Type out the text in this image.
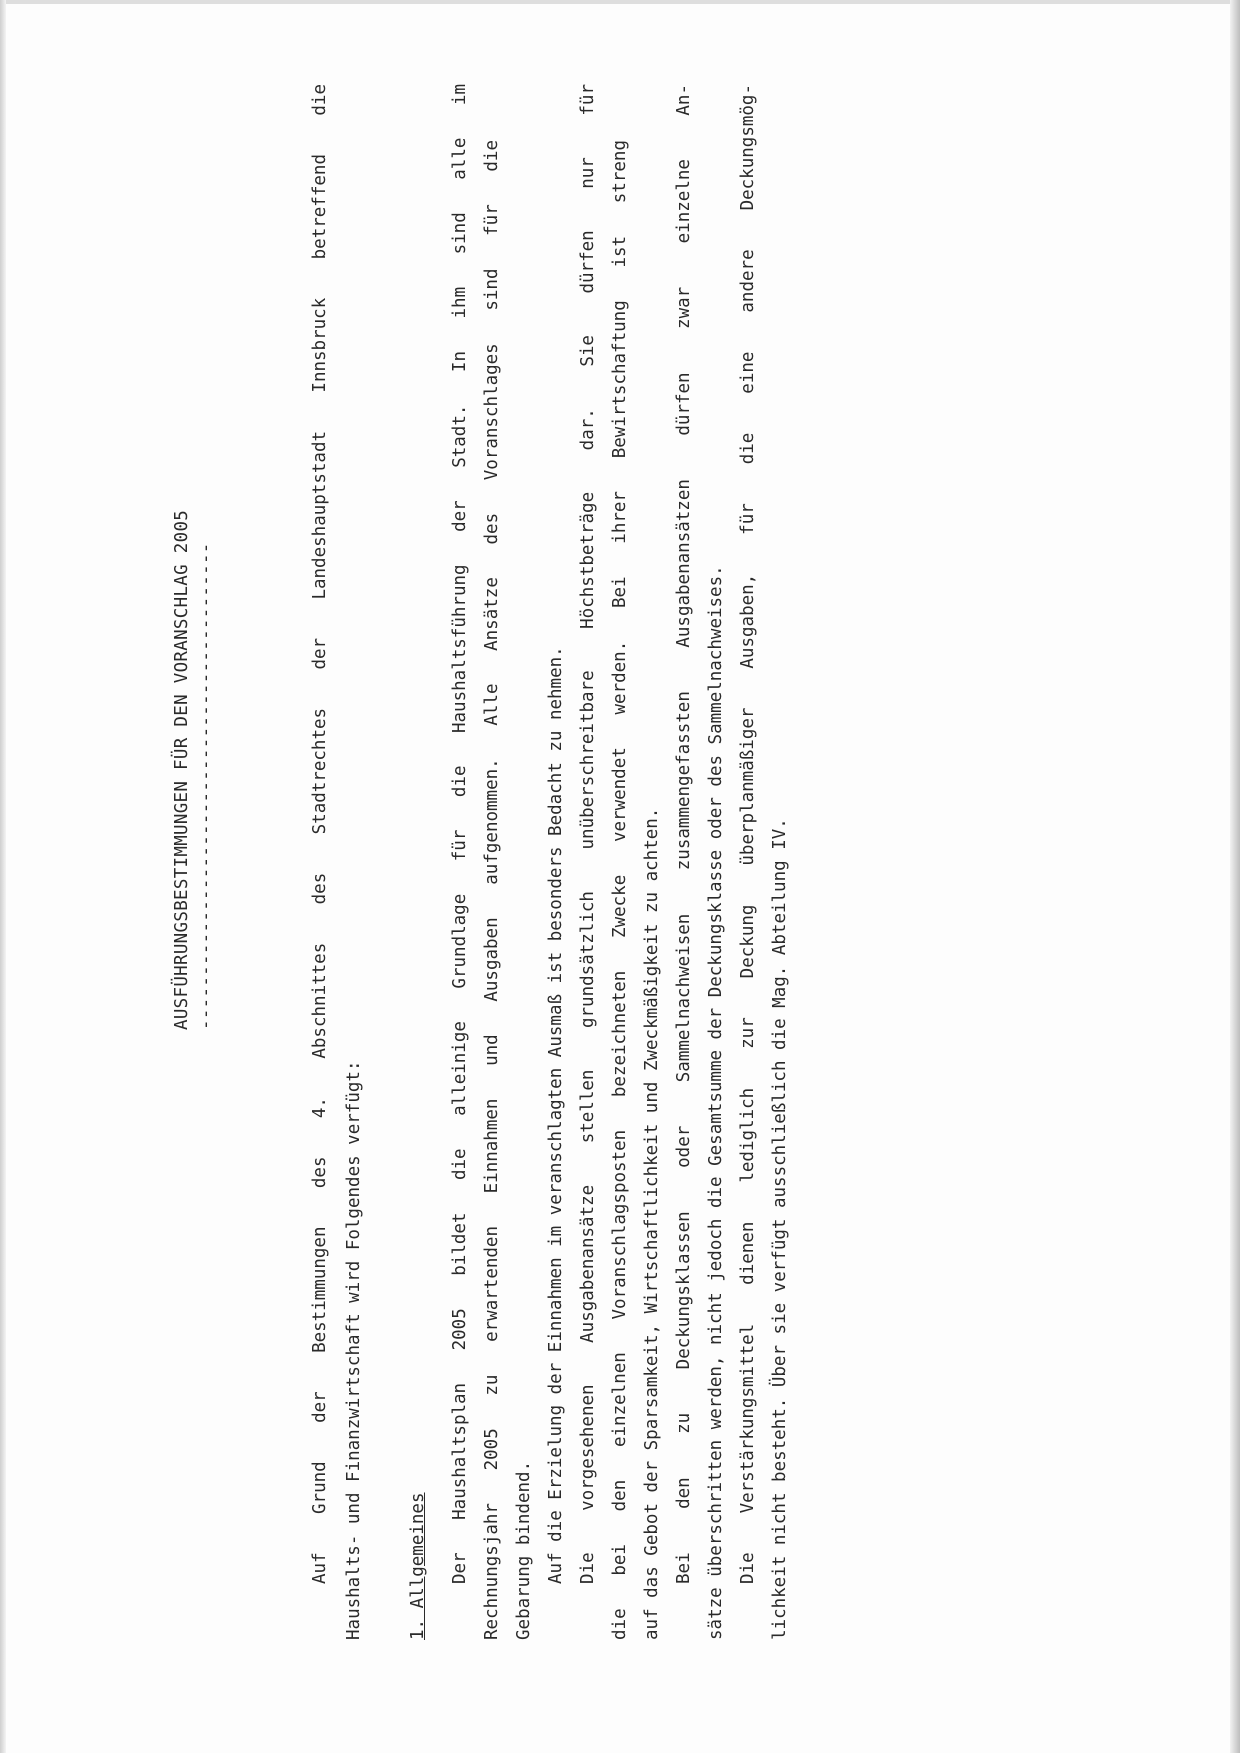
AUSFÜHRUNGSBESTIMMUNGEN FÜR DEN VORANSCHLAG 2005 ---------------------------------------------	Auf Grund der Bestimmungen des 4. Abschnittes des Stadtrechtes der Landeshauptstadt Innsbruck betreffend die Haushalts- und Finanzwirtschaft wird Folgendes verfügt:	1. Allgemeines Der Haushaltsplan 2005 bildet die alleinige Grundlage für die Haushaltsführung der Stadt. In ihm sind alle im Rechnungsjahr 2005 zu erwartenden Einnahmen und Ausgaben aufgenommen. Alle Ansätze des Voranschlages sind für die Gebarung bindend. Auf die Erzielung der Einnahmen im veranschlagten Ausmaß ist besonders Bedacht zu nehmen. Die vorgesehenen Ausgabenansätze stellen grundsätzlich unüberschreitbare Höchstbeträge dar. Sie dürfen nur für die bei den einzelnen Voranschlagsposten bezeichneten Zwecke verwendet werden. Bei ihrer Bewirtschaftung ist streng auf das Gebot der Sparsamkeit, Wirtschaftlichkeit und Zweckmäßigkeit zu achten. Bei den zu Deckungsklassen oder Sammelnachweisen zusammengefassten Ausgabenansätzen dürfen zwar einzelne An- sätze überschritten werden, nicht jedoch die Gesamtsumme der Deckungsklasse oder des Sammelnachweises. Die Verstärkungsmittel dienen lediglich zur Deckung überplanmäßiger Ausgaben, für die eine andere Deckungsmög- lichkeit nicht besteht. Über sie verfügt ausschließlich die Mag. Abteilung IV.
